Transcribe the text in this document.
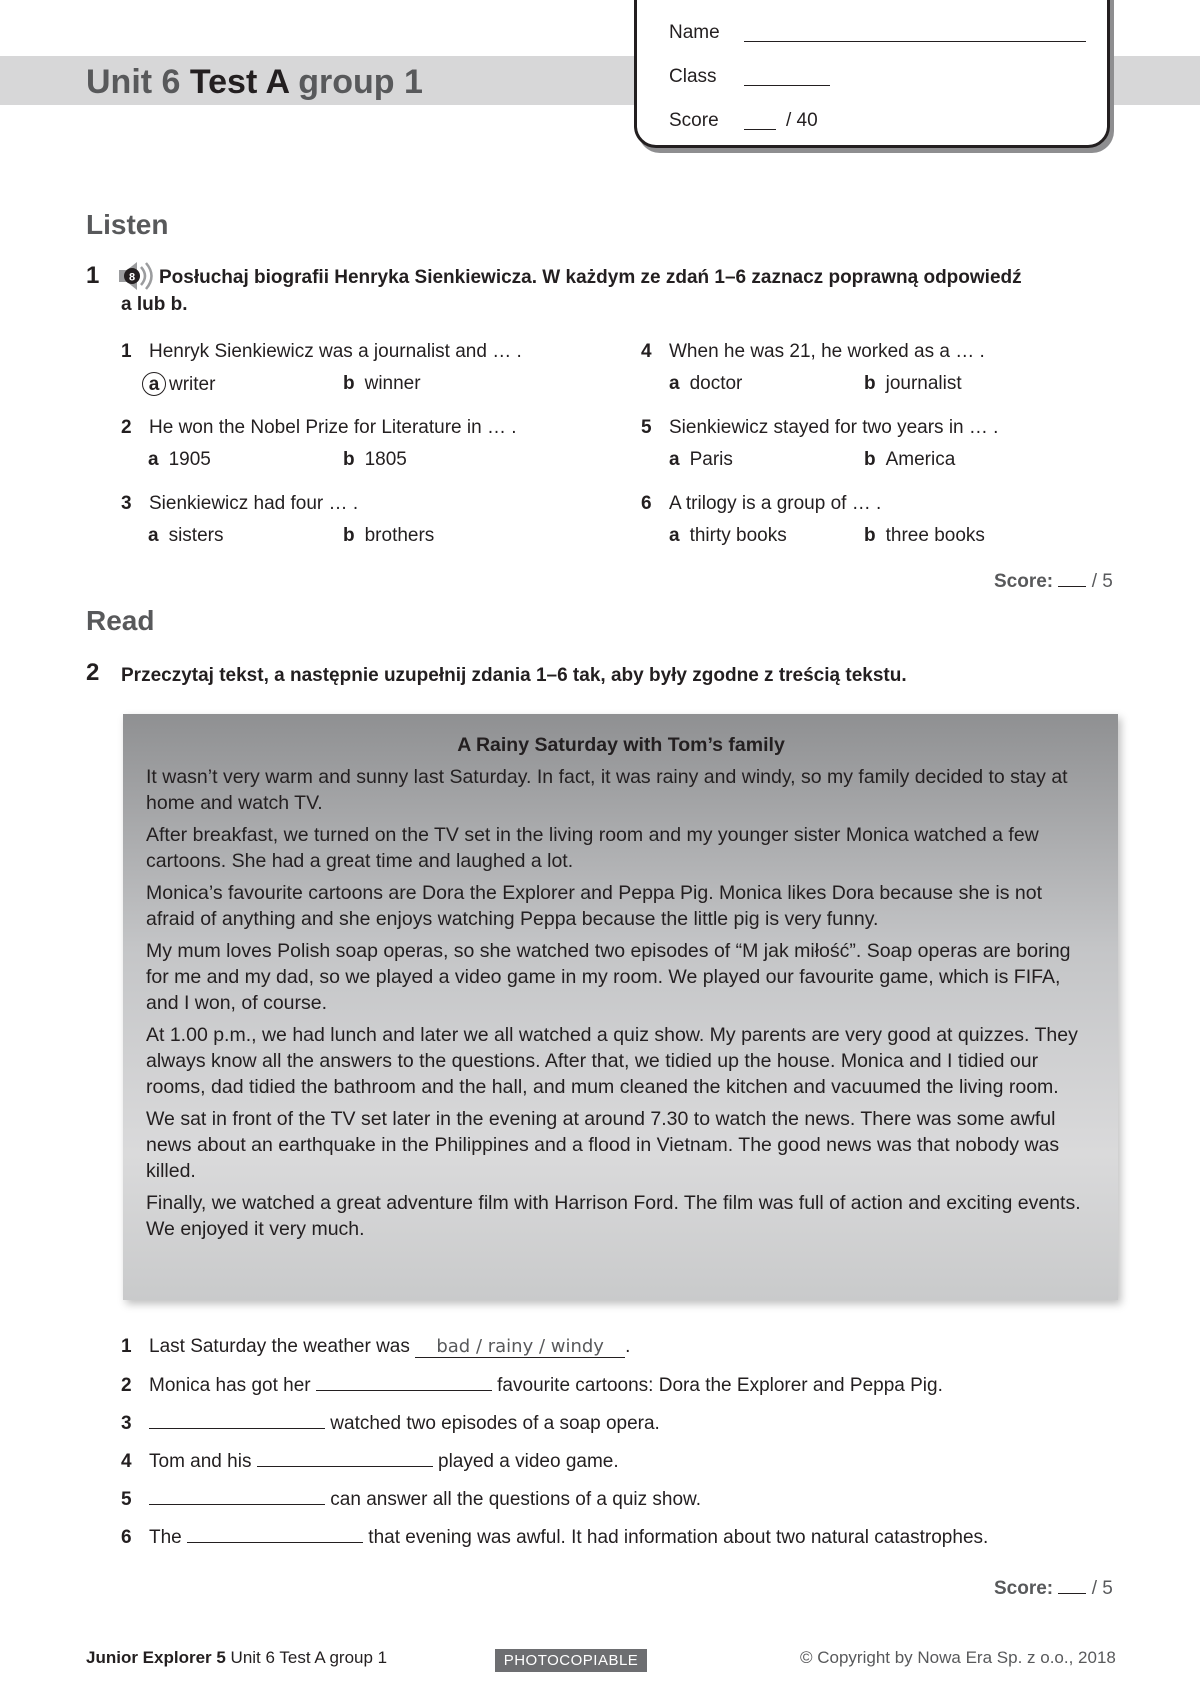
Unit 6 Test A group 1
Name
Class
Score	/ 40
Listen
1	8 Posłuchaj biografii Henryka Sienkiewicza. W każdym ze zdań 1–6 zaznacz poprawną odpowiedź
a lub b.
1 Henryk Sienkiewicz was a journalist and … .
a writer	b winner
2 He won the Nobel Prize for Literature in … .
a 1905	b 1805
3 Sienkiewicz had four … .
a sisters	b brothers
4 When he was 21, he worked as a … .
a doctor	b journalist
5 Sienkiewicz stayed for two years in … .
a Paris	b America
6 A trilogy is a group of … .
a thirty books	b three books
Score: / 5
Read
2 Przeczytaj tekst, a następnie uzupełnij zdania 1–6 tak, aby były zgodne z treścią tekstu.
A Rainy Saturday with Tom’s family

It wasn’t very warm and sunny last Saturday. In fact, it was rainy and windy, so my family decided to stay at home and watch TV.

After breakfast, we turned on the TV set in the living room and my younger sister Monica watched a few cartoons. She had a great time and laughed a lot.

Monica’s favourite cartoons are Dora the Explorer and Peppa Pig. Monica likes Dora because she is not afraid of anything and she enjoys watching Peppa because the little pig is very funny.

My mum loves Polish soap operas, so she watched two episodes of “M jak miłość”. Soap operas are boring for me and my dad, so we played a video game in my room. We played our favourite game, which is FIFA, and I won, of course.

At 1.00 p.m., we had lunch and later we all watched a quiz show. My parents are very good at quizzes. They always know all the answers to the questions. After that, we tidied up the house. Monica and I tidied our rooms, dad tidied the bathroom and the hall, and mum cleaned the kitchen and vacuumed the living room.

We sat in front of the TV set later in the evening at around 7.30 to watch the news. There was some awful news about an earthquake in the Philippines and a flood in Vietnam. The good news was that nobody was killed.

Finally, we watched a great adventure film with Harrison Ford. The film was full of action and exciting events. We enjoyed it very much.

1 Last Saturday the weather was bad / rainy / windy .
2 Monica has got her	favourite cartoons: Dora the Explorer and Peppa Pig.
3	watched two episodes of a soap opera.
4 Tom and his	played a video game.
5	can answer all the questions of a quiz show.
6 The	that evening was awful. It had information about two natural catastrophes.
Score: / 5
Junior Explorer 5 Unit 6 Test A group 1	PHOTOCOPIABLE	© Copyright by Nowa Era Sp. z o.o., 2018
